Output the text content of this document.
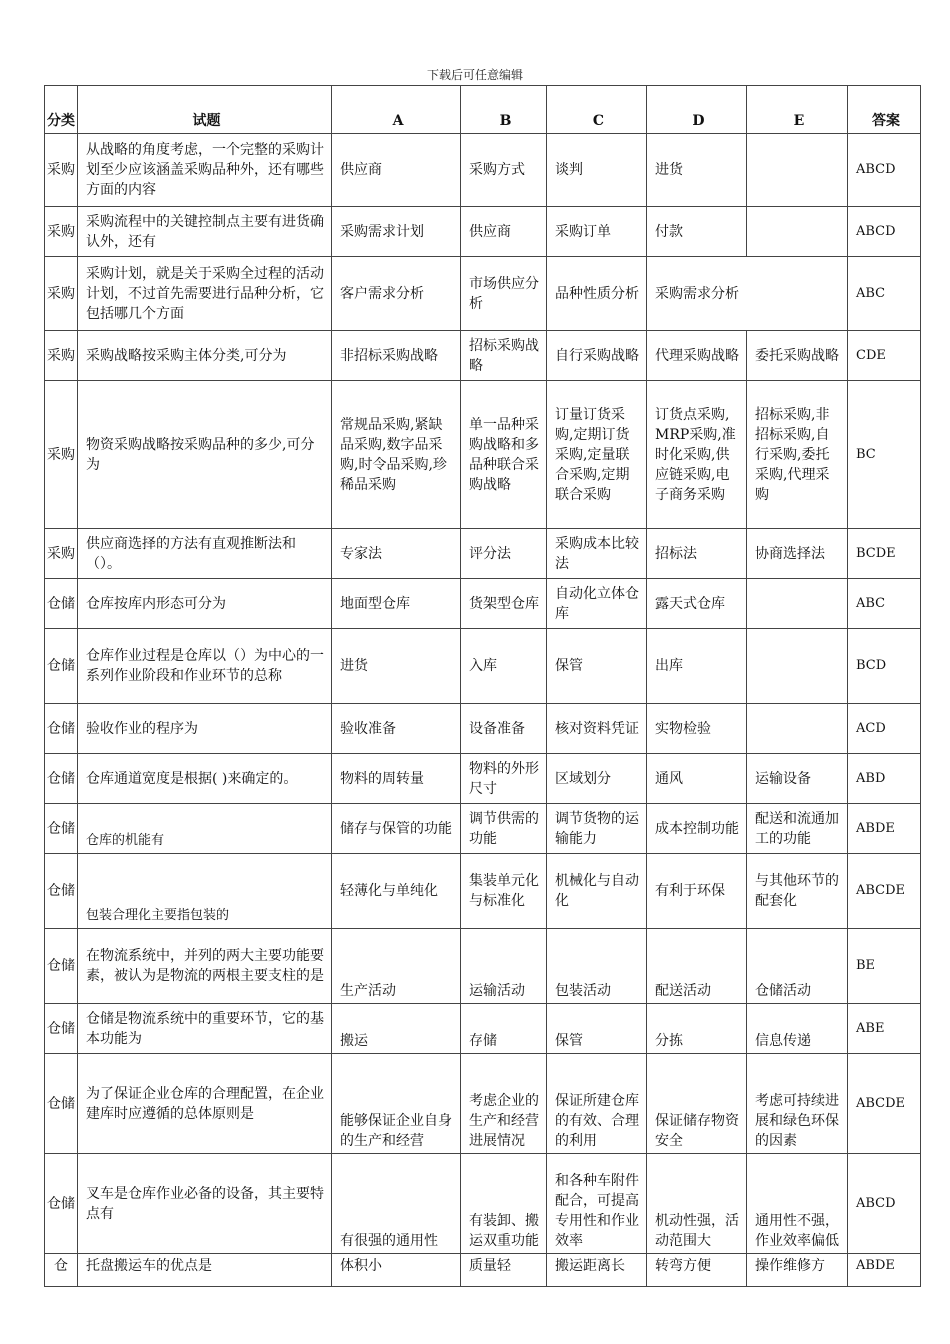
下载后可任意编辑
分类	试题	A	B	C	D	E	答案
采购	从战略的角度考虑，一个完整的采购计划至少应该涵盖采购品种外，还有哪些方面的内容	供应商	采购方式	谈判	进货		ABCD
采购	采购流程中的关键控制点主要有进货确认外，还有	采购需求计划	供应商	采购订单	付款		ABCD
采购	采购计划，就是关于采购全过程的活动计划，不过首先需要进行品种分析，它包括哪几个方面	客户需求分析	市场供应分析	品种性质分析	采购需求分析		ABC
采购	采购战略按采购主体分类,可分为	非招标采购战略	招标采购战略	自行采购战略	代理采购战略	委托采购战略	CDE
采购	物资采购战略按采购品种的多少,可分为	常规品采购,紧缺品采购,数字品采购,时令品采购,珍稀品采购	单一品种采购战略和多品种联合采购战略	订量订货采购,定期订货采购,定量联合采购,定期联合采购	订货点采购,MRP采购,准时化采购,供应链采购,电子商务采购	招标采购,非招标采购,自行采购,委托采购,代理采购	BC
采购	供应商选择的方法有直观推断法和（）。	专家法	评分法	采购成本比较法	招标法	协商选择法	BCDE
仓储	仓库按库内形态可分为	地面型仓库	货架型仓库	自动化立体仓库	露天式仓库		ABC
仓储	仓库作业过程是仓库以（）为中心的一系列作业阶段和作业环节的总称	进货	入库	保管	出库		BCD
仓储	验收作业的程序为	验收准备	设备准备	核对资料凭证	实物检验		ACD
仓储	仓库通道宽度是根据( )来确定的。	物料的周转量	物料的外形尺寸	区域划分	通风	运输设备	ABD
仓储	仓库的机能有	储存与保管的功能	调节供需的功能	调节货物的运输能力	成本控制功能	配送和流通加工的功能	ABDE
仓储	包装合理化主要指包装的	轻薄化与单纯化	集装单元化与标准化	机械化与自动化	有利于环保	与其他环节的配套化	ABCDE
仓储	在物流系统中，并列的两大主要功能要素，被认为是物流的两根主要支柱的是	生产活动	运输活动	包装活动	配送活动	仓储活动	BE
仓储	仓储是物流系统中的重要环节，它的基本功能为	搬运	存储	保管	分拣	信息传递	ABE
仓储	为了保证企业仓库的合理配置，在企业建库时应遵循的总体原则是	能够保证企业自身的生产和经营	考虑企业的生产和经营进展情况	保证所建仓库的有效、合理的利用	保证储存物资安全	考虑可持续进展和绿色环保的因素	ABCDE
仓储	叉车是仓库作业必备的设备，其主要特点有	有很强的通用性	有装卸、搬运双重功能	和各种车附件配合，可提高专用性和作业效率	机动性强，活动范围大	通用性不强，作业效率偏低	ABCD
仓	托盘搬运车的优点是	体积小	质量轻	搬运距离长	转弯方便	操作维修方	ABDE
